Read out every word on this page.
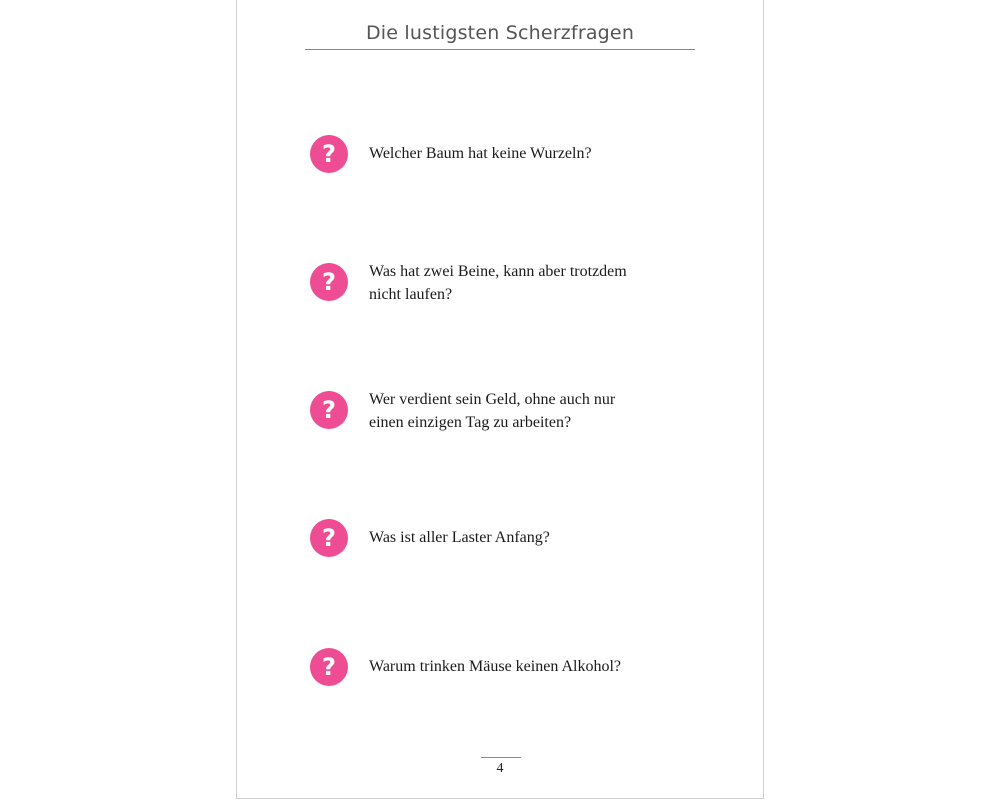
Die lustigsten Scherzfragen
?	Welcher Baum hat keine Wurzeln?
?	Was hat zwei Beine, kann aber trotzdem nicht laufen?
?	Wer verdient sein Geld, ohne auch nur einen einzigen Tag zu arbeiten?
?	Was ist aller Laster Anfang?
?	Warum trinken Mäuse keinen Alkohol?
4
